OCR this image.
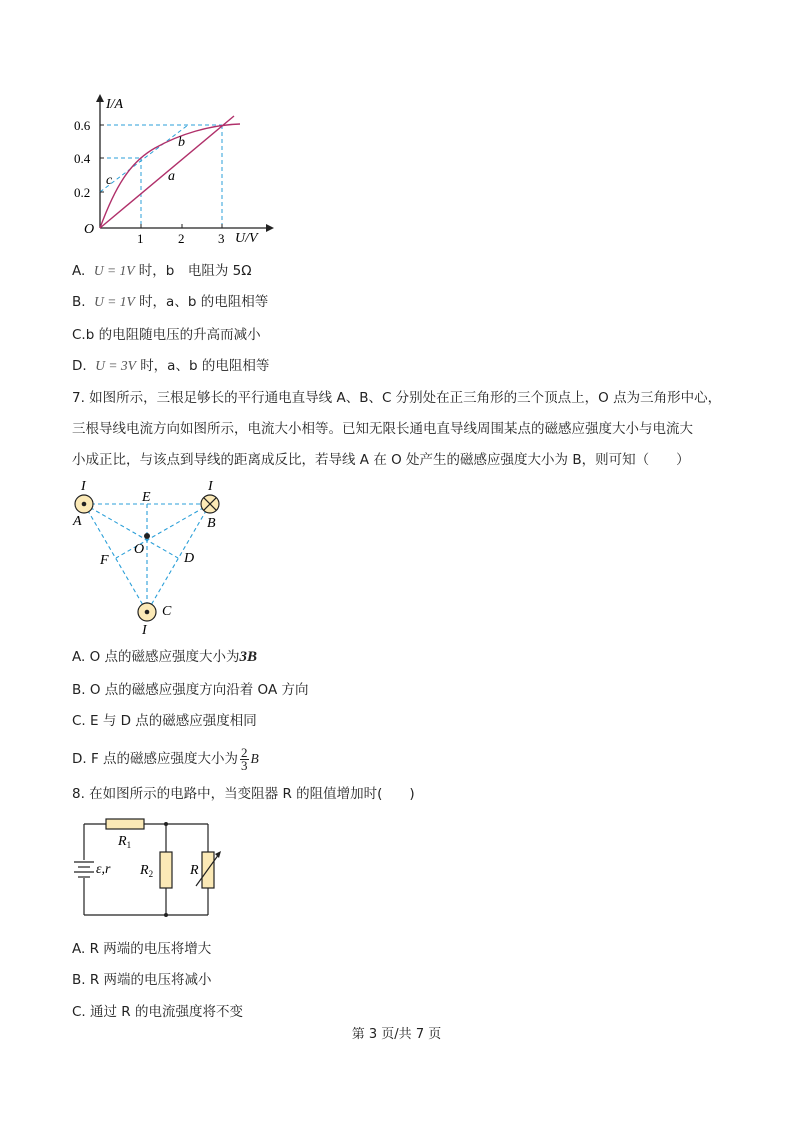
I/A
U/V
O
0.6
0.4
0.2
1	2	3
a
b
c
A. U = 1V 时，b　电阻为 5Ω
B. U = 1V 时，a、b 的电阻相等
C.b 的电阻随电压的升高而减小
D. U = 3V 时，a、b 的电阻相等
7. 如图所示，三根足够长的平行通电直导线 A、B、C 分别处在正三角形的三个顶点上，O 点为三角形中心，
三根导线电流方向如图所示，电流大小相等。已知无限长通电直导线周围某点的磁感应强度大小与电流大
小成正比，与该点到导线的距离成反比，若导线 A 在 O 处产生的磁感应强度大小为 B，则可知（　　）
I
A
I
B
E
O
F	D
C
I
A. O 点的磁感应强度大小为3B
B. O 点的磁感应强度方向沿着 OA 方向
C. E 与 D 点的磁感应强度相同
D. F 点的磁感应强度大小为 $\frac{2}{3}$ B
8. 在如图所示的电路中，当变阻器 R 的阻值增加时(　　)
$R_1$
$R_2$	R
ε,r
A. R 两端的电压将增大
B. R 两端的电压将减小
C. 通过 R 的电流强度将不变
第 3 页/共 7 页
